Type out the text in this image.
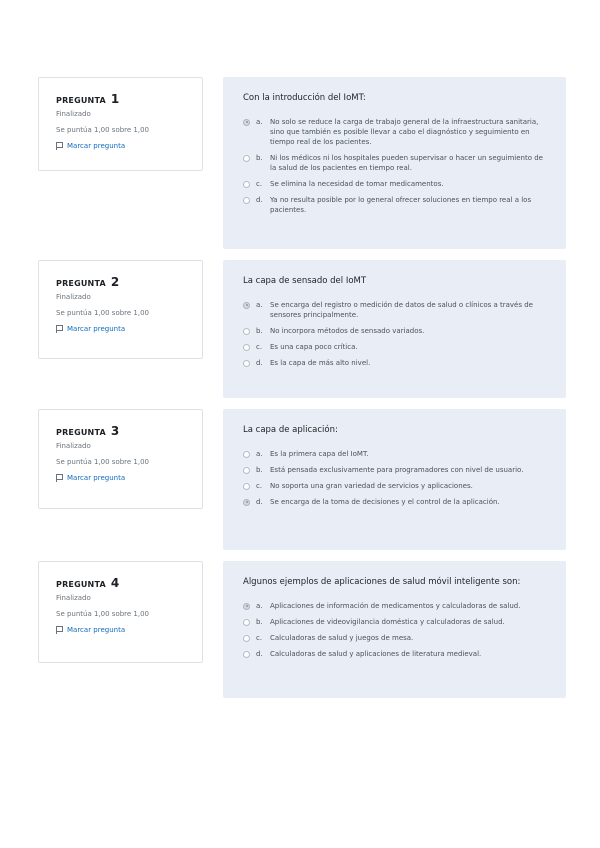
PREGUNTA 1
Finalizado
Se puntúa 1,00 sobre 1,00
Marcar pregunta
Con la introducción del IoMT:
a.	No solo se reduce la carga de trabajo general de la infraestructura sanitaria, sino que también es posible llevar a cabo el diagnóstico y seguimiento en tiempo real de los pacientes.
b.	Ni los médicos ni los hospitales pueden supervisar o hacer un seguimiento de la salud de los pacientes en tiempo real.
c.	Se elimina la necesidad de tomar medicamentos.
d.	Ya no resulta posible por lo general ofrecer soluciones en tiempo real a los pacientes.
PREGUNTA 2
Finalizado
Se puntúa 1,00 sobre 1,00
Marcar pregunta
La capa de sensado del IoMT
a.	Se encarga del registro o medición de datos de salud o clínicos a través de sensores principalmente.
b.	No incorpora métodos de sensado variados.
c.	Es una capa poco crítica.
d.	Es la capa de más alto nivel.
PREGUNTA 3
Finalizado
Se puntúa 1,00 sobre 1,00
Marcar pregunta
La capa de aplicación:
a.	Es la primera capa del IoMT.
b.	Está pensada exclusivamente para programadores con nivel de usuario.
c.	No soporta una gran variedad de servicios y aplicaciones.
d.	Se encarga de la toma de decisiones y el control de la aplicación.
PREGUNTA 4
Finalizado
Se puntúa 1,00 sobre 1,00
Marcar pregunta
Algunos ejemplos de aplicaciones de salud móvil inteligente son:
a.	Aplicaciones de información de medicamentos y calculadoras de salud.
b.	Aplicaciones de videovigilancia doméstica y calculadoras de salud.
c.	Calculadoras de salud y juegos de mesa.
d.	Calculadoras de salud y aplicaciones de literatura medieval.
